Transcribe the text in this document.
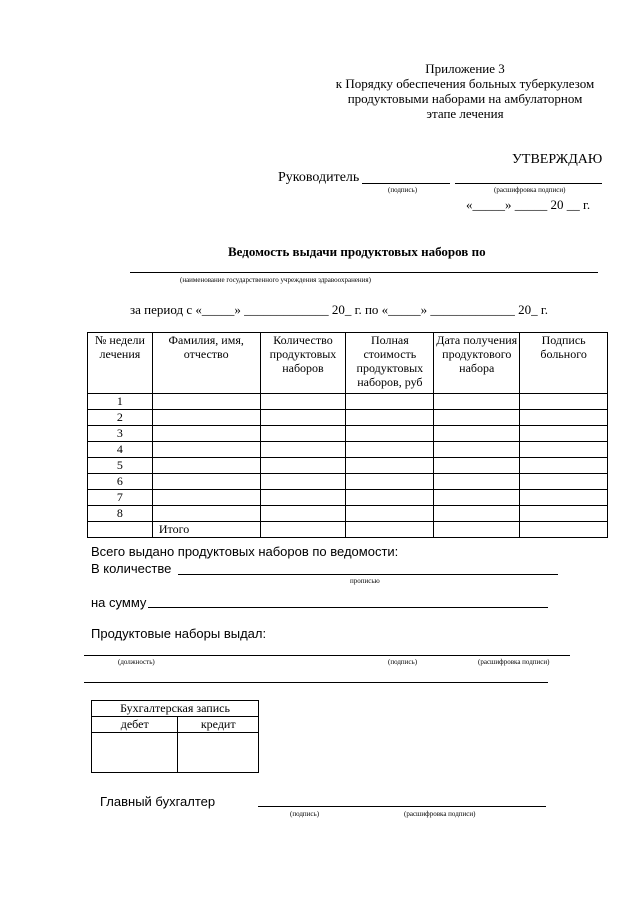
Приложение 3
к Порядку обеспечения больных туберкулезом
продуктовыми наборами на амбулаторном
этапе лечения
УТВЕРЖДАЮ
Руководитель
(подпись)	(расшифровка подписи)
«_____» _____ 20 __ г.
Ведомость выдачи продуктовых наборов по
(наименование государственного учреждения здравоохранения)
за период с «_____» _____________ 20_ г. по «_____» _____________ 20_ г.
№ недели лечения	Фамилия, имя, отчество	Количество продуктовых наборов	Полная стоимость продуктовых наборов, руб	Дата получения продуктового набора	Подпись больного
1					
2					
3					
4					
5					
6					
7					
8					
	Итого				
Всего выдано продуктовых наборов по ведомости:
В количестве
прописью
на сумму
Продуктовые наборы выдал:
(должность)	(подпись)	(расшифровка подписи)
Бухгалтерская запись	
дебет	кредит

Главный бухгалтер
(подпись)	(расшифровка подписи)
